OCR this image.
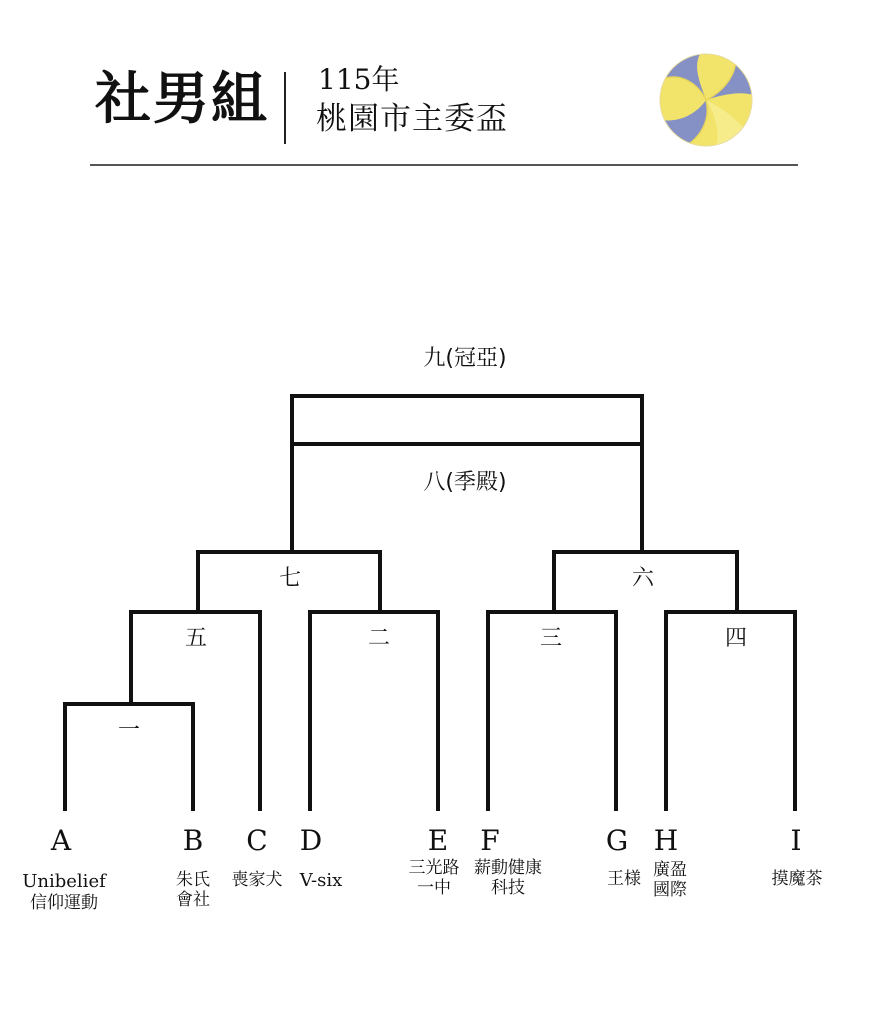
社男組 115年
桃園市主委盃
九(冠亞)
八(季殿)
七	六
五	二	三	四
一
A	B C D	E F	G H	I
Unibelief
信仰運動
朱氏
會社
喪家犬 V-six
三光路
一中
薪動健康
科技	王様 廣盈
國際
摸魔茶
